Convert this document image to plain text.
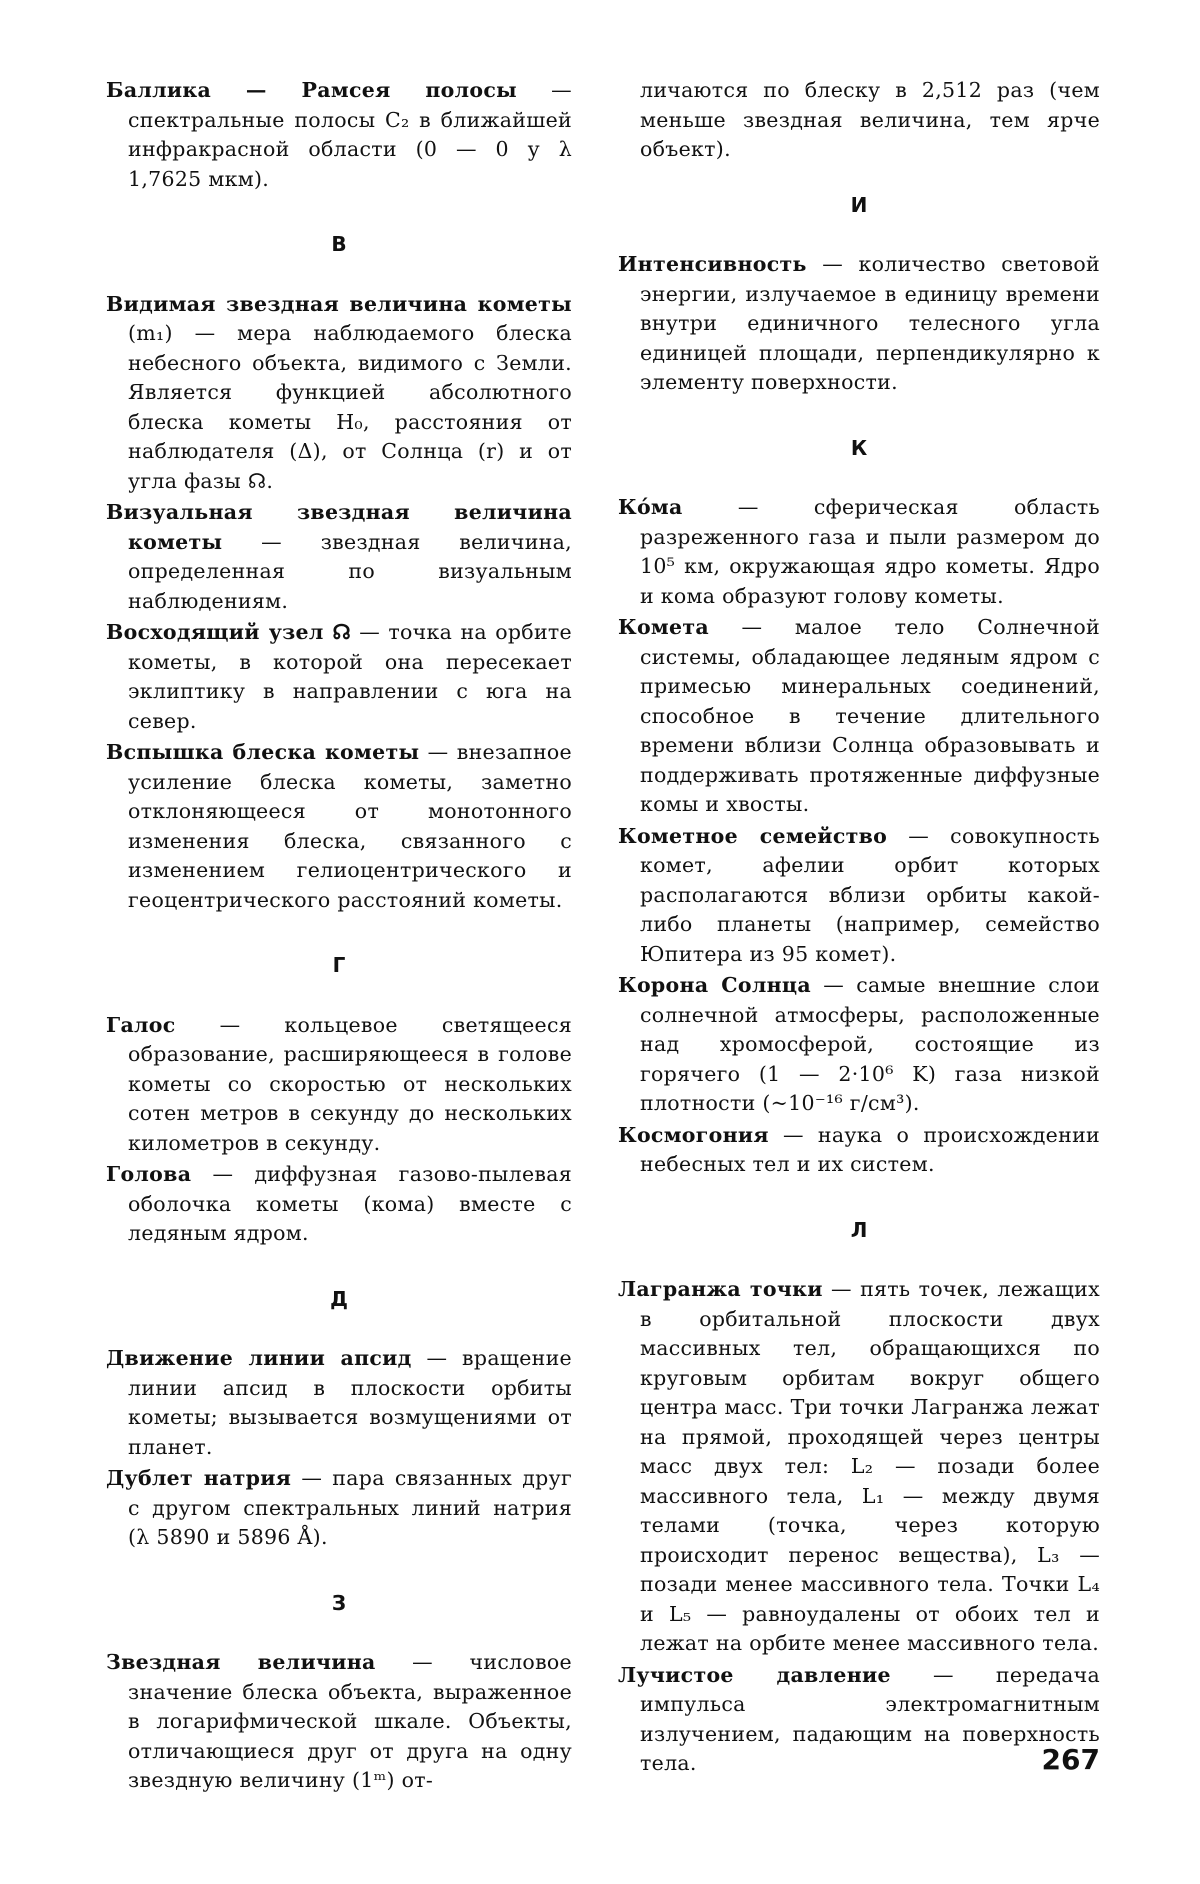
Баллика — Рамсея полосы — спектральные полосы C₂ в ближайшей инфракрасной области (0 — 0 у λ 1,7625 мкм).

В

Видимая звездная величина кометы (m₁) — мера наблюдаемого блеска небесного объекта, видимого с Земли. Является функцией абсолютного блеска кометы H₀, расстояния от наблюдателя (Δ), от Солнца (r) и от угла фазы ☊.

Визуальная звездная величина кометы — звездная величина, определенная по визуальным наблюдениям.

Восходящий узел ☊ — точка на орбите кометы, в которой она пересекает эклиптику в направлении с юга на север.

Вспышка блеска кометы — внезапное усиление блеска кометы, заметно отклоняющееся от монотонного изменения блеска, связанного с изменением гелиоцентрического и геоцентрического расстояний кометы.

Г

Галос — кольцевое светящееся образование, расширяющееся в голове кометы со скоростью от нескольких сотен метров в секунду до нескольких километров в секунду.

Голова — диффузная газово-пылевая оболочка кометы (кома) вместе с ледяным ядром.

Д

Движение линии апсид — вращение линии апсид в плоскости орбиты кометы; вызывается возмущениями от планет.

Дублет натрия — пара связанных друг с другом спектральных линий натрия (λ 5890 и 5896 Å).

З

Звездная величина — числовое значение блеска объекта, выраженное в логарифмической шкале. Объекты, отличающиеся друг от друга на одну звездную величину (1ᵐ) от-

личаются по блеску в 2,512 раз (чем меньше звездная величина, тем ярче объект).

И

Интенсивность — количество световой энергии, излучаемое в единицу времени внутри единичного телесного угла единицей площади, перпендикулярно к элементу поверхности.

К

Кóма — сферическая область разреженного газа и пыли размером до 10⁵ км, окружающая ядро кометы. Ядро и кома образуют голову кометы.

Комета — малое тело Солнечной системы, обладающее ледяным ядром с примесью минеральных соединений, способное в течение длительного времени вблизи Солнца образовывать и поддерживать протяженные диффузные комы и хвосты.

Кометное семейство — совокупность комет, афелии орбит которых располагаются вблизи орбиты какой-либо планеты (например, семейство Юпитера из 95 комет).

Корона Солнца — самые внешние слои солнечной атмосферы, расположенные над хромосферой, состоящие из горячего (1 — 2·10⁶ K) газа низкой плотности (~10⁻¹⁶ г/см³).

Космогония — наука о происхождении небесных тел и их систем.

Л

Лагранжа точки — пять точек, лежащих в орбитальной плоскости двух массивных тел, обращающихся по круговым орбитам вокруг общего центра масс. Три точки Лагранжа лежат на прямой, проходящей через центры масс двух тел: L₂ — позади более массивного тела, L₁ — между двумя телами (точка, через которую происходит перенос вещества), L₃ — позади менее массивного тела. Точки L₄ и L₅ — равноудалены от обоих тел и лежат на орбите менее массивного тела.

Лучистое давление — передача импульса электромагнитным излучением, падающим на поверхность тела.	267
